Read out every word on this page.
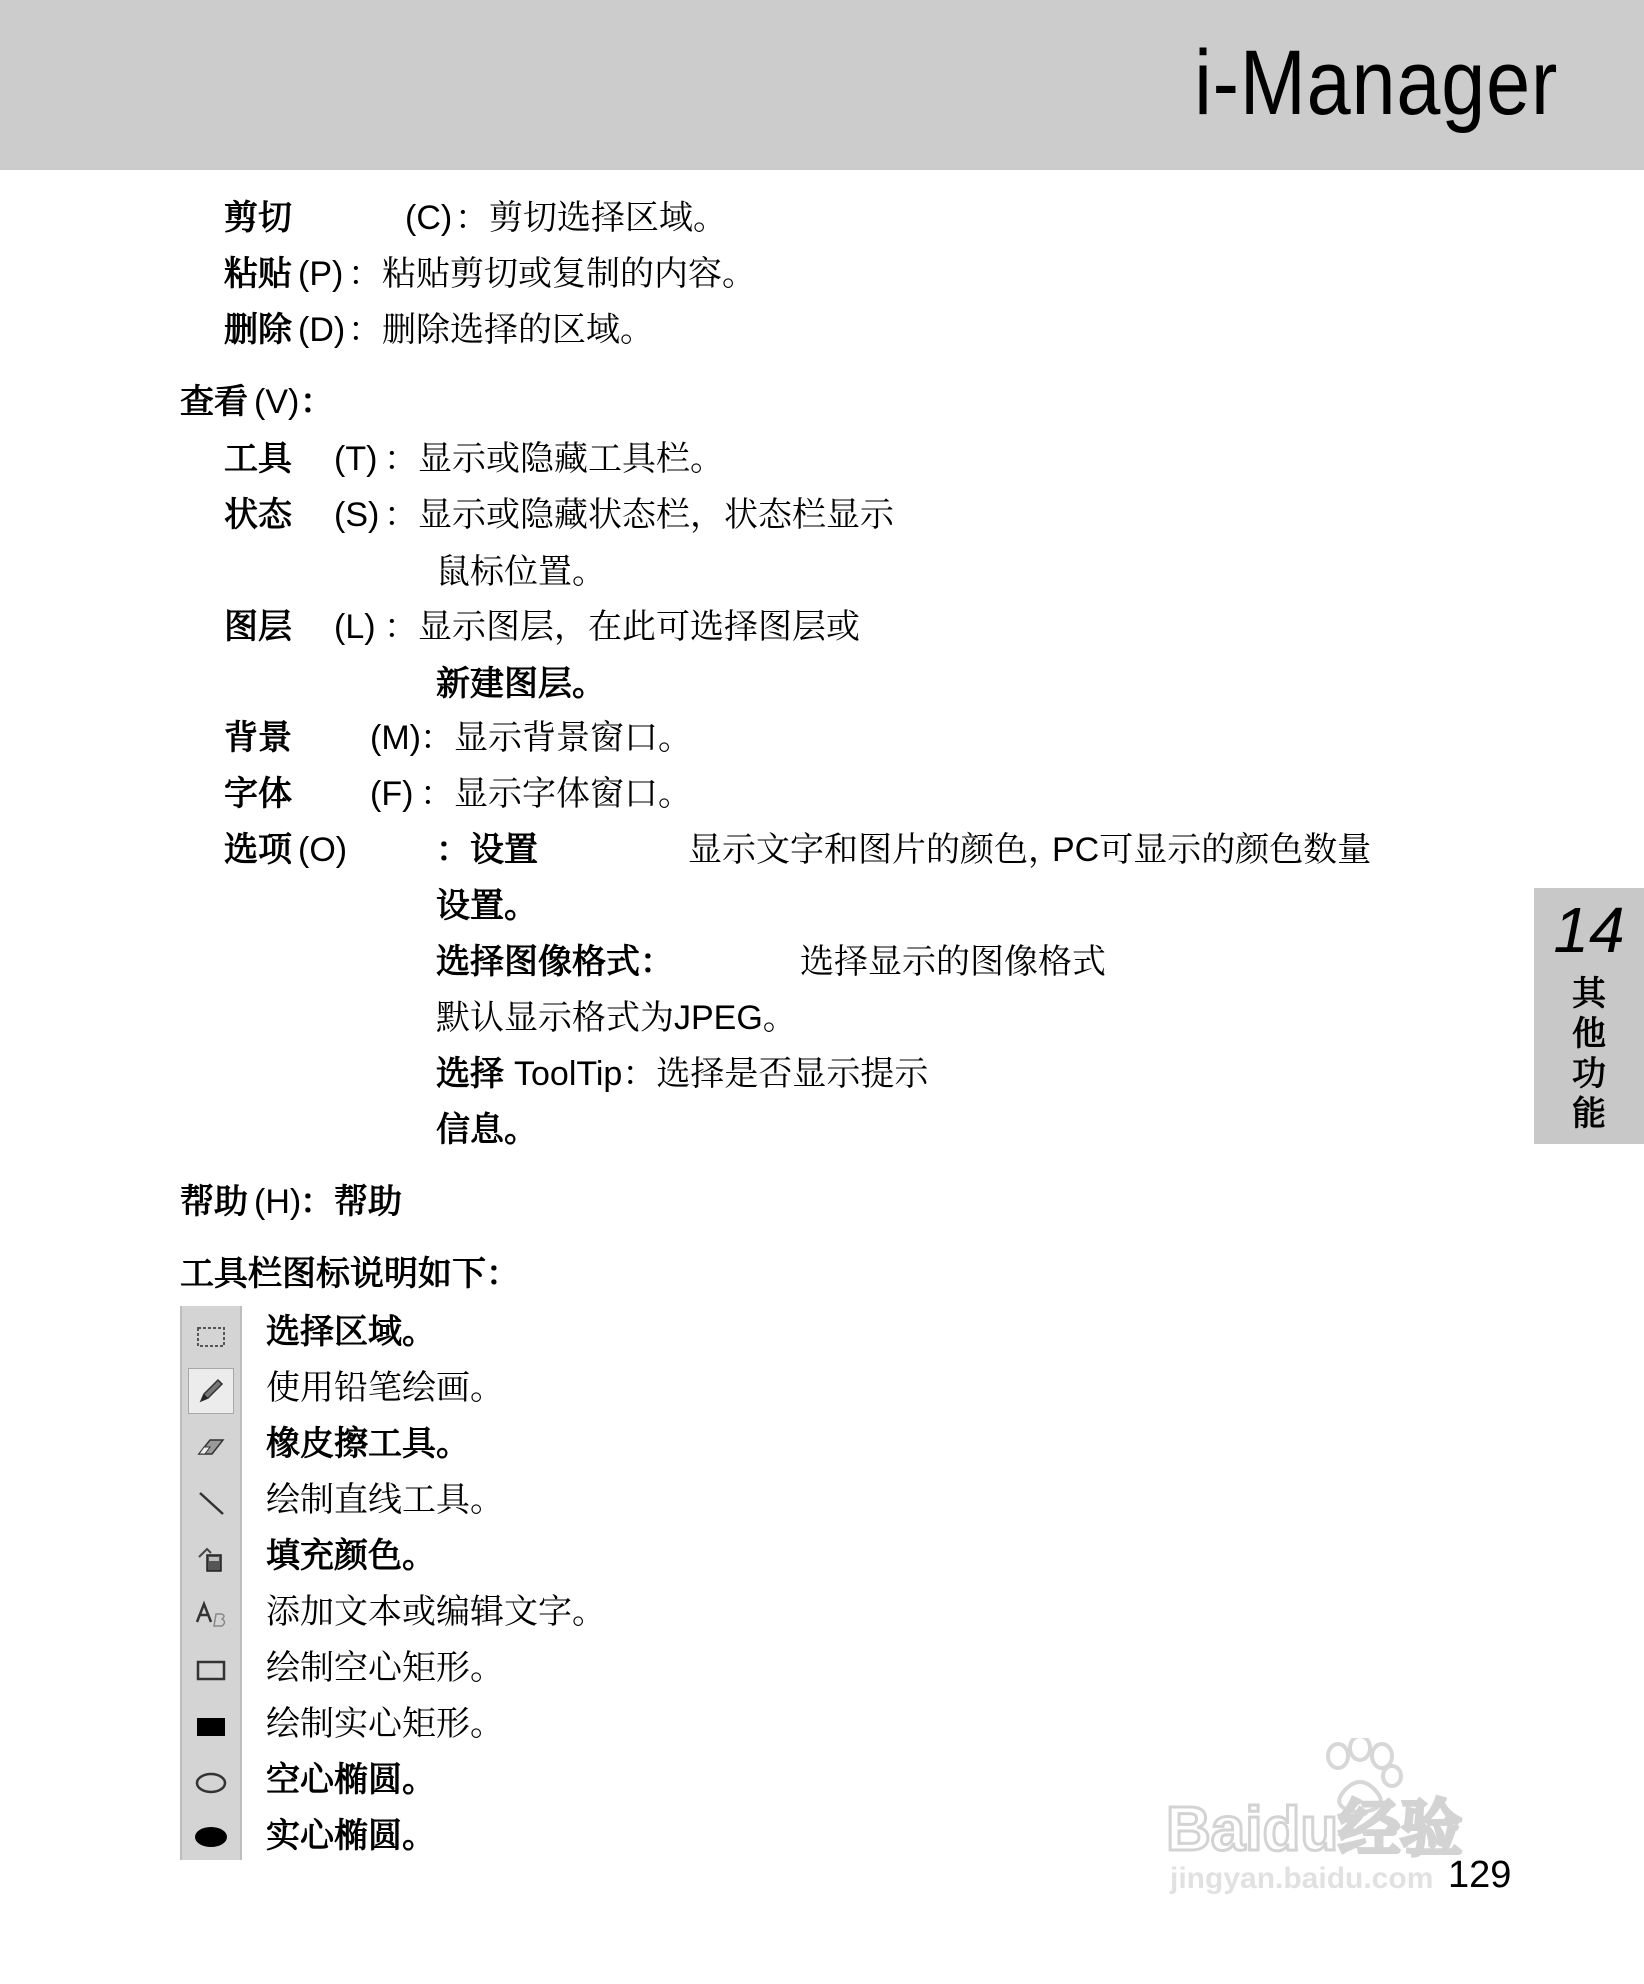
i-Manager
剪切	(C) ：剪切选择区域。
粘贴 (P) ：粘贴剪切或复制的内容。
删除 (D) ：删除选择的区域。
查看 (V) ：
工具 (T) ：显示或隐藏工具栏。
状态 (S) ：显示或隐藏状态栏，状态栏显示
鼠标位置。
图层 (L) ：显示图层，在此可选择图层或
新建图层。
背景 (M) ：显示背景窗口。
字体 (F) ：显示字体窗口。
选项 (O)	：设置	显示文字和图片的颜色，
PC可显示的颜色数量
设置。
选择图像格式：	选择显示的图像格式
默认显示格式为JPEG。
选择 ToolTip：选择是否显示提示
信息。
帮助 (H)
：帮助
工具栏图标说明如下：
选择区域。
使用铅笔绘画。
橡皮擦工具。
绘制直线工具。
填充颜色。
添加文本或编辑文字。
绘制空心矩形。
绘制实心矩形。
空心椭圆。
实心椭圆。
14
其
他
功
能
Baidu经验
jingyan.baidu.com 129
